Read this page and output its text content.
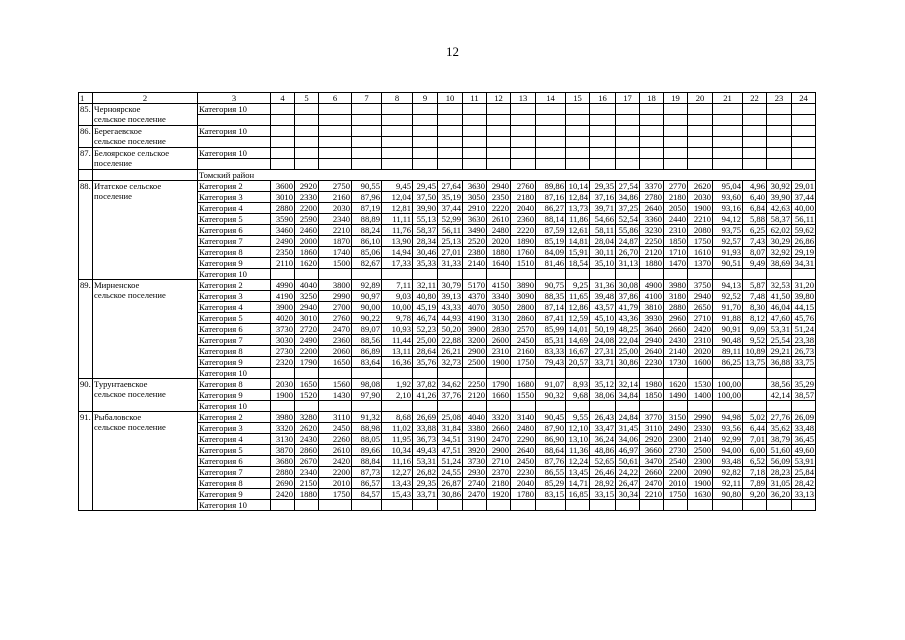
12
1	2	3	4	5	6	7	8	9	10	11	12	13	14	15	16	17	18	19	20	21	22	23	24
85.	Черноярское
сельское поселение	Категория 10																					

86.	Берегаевское
сельское поселение	Категория 10																					

87.	Белоярское сельское
поселение	Категория 10																					

		Томский район																					
88.	Итатское сельское
поселение	Категория 2	3600	2920	2750	90,55	9,45	29,45	27,64	3630	2940	2760	89,86	10,14	29,35	27,54	3370	2770	2620	95,04	4,96	30,92	29,01
		Категория 3	3010	2330	2160	87,96	12,04	37,50	35,19	3050	2350	2180	87,16	12,84	37,16	34,86	2780	2180	2030	93,60	6,40	39,90	37,44
		Категория 4	2880	2200	2030	87,19	12,81	39,90	37,44	2910	2220	2040	86,27	13,73	39,71	37,25	2640	2050	1900	93,16	6,84	42,63	40,00
		Категория 5	3590	2590	2340	88,89	11,11	55,13	52,99	3630	2610	2360	88,14	11,86	54,66	52,54	3360	2440	2210	94,12	5,88	58,37	56,11
		Категория 6	3460	2460	2210	88,24	11,76	58,37	56,11	3490	2480	2220	87,59	12,61	58,11	55,86	3230	2310	2080	93,75	6,25	62,02	59,62
		Категория 7	2490	2000	1870	86,10	13,90	28,34	25,13	2520	2020	1890	85,19	14,81	28,04	24,87	2250	1850	1750	92,57	7,43	30,29	26,86
		Категория 8	2350	1860	1740	85,06	14,94	30,46	27,01	2380	1880	1760	84,09	15,91	30,11	26,70	2120	1710	1610	91,93	8,07	32,92	29,19
		Категория 9	2110	1620	1500	82,67	17,33	35,33	31,33	2140	1640	1510	81,46	18,54	35,10	31,13	1880	1470	1370	90,51	9,49	38,69	34,31
		Категория 10																					
89.	Мирненское
сельское поселение	Категория 2	4990	4040	3800	92,89	7,11	32,11	30,79	5170	4150	3890	90,75	9,25	31,36	30,08	4900	3980	3750	94,13	5,87	32,53	31,20
		Категория 3	4190	3250	2990	90,97	9,03	40,80	39,13	4370	3340	3090	88,35	11,65	39,48	37,86	4100	3180	2940	92,52	7,48	41,50	39,80
		Категория 4	3900	2940	2700	90,00	10,00	45,19	43,33	4070	3050	2800	87,14	12,86	43,57	41,79	3810	2880	2650	91,70	8,30	46,04	44,15
		Категория 5	4020	3010	2760	90,22	9,78	46,74	44,93	4190	3130	2860	87,41	12,59	45,10	43,36	3930	2960	2710	91,88	8,12	47,60	45,76
		Категория 6	3730	2720	2470	89,07	10,93	52,23	50,20	3900	2830	2570	85,99	14,01	50,19	48,25	3640	2660	2420	90,91	9,09	53,31	51,24
		Категория 7	3030	2490	2360	88,56	11,44	25,00	22,88	3200	2600	2450	85,31	14,69	24,08	22,04	2940	2430	2310	90,48	9,52	25,54	23,38
		Категория 8	2730	2200	2060	86,89	13,11	28,64	26,21	2900	2310	2160	83,33	16,67	27,31	25,00	2640	2140	2020	89,11	10,89	29,21	26,73
		Категория 9	2320	1790	1650	83,64	16,36	35,76	32,73	2500	1900	1750	79,43	20,57	33,71	30,86	2230	1730	1600	86,25	13,75	36,88	33,75
		Категория 10																					
90.	Турунтаевское
сельское поселение	Категория 8	2030	1650	1560	98,08	1,92	37,82	34,62	2250	1790	1680	91,07	8,93	35,12	32,14	1980	1620	1530	100,00		38,56	35,29
		Категория 9	1900	1520	1430	97,90	2,10	41,26	37,76	2120	1660	1550	90,32	9,68	38,06	34,84	1850	1490	1400	100,00		42,14	38,57
		Категория 10																					
91.	Рыбаловское
сельское поселение	Категория 2	3980	3280	3110	91,32	8,68	26,69	25,08	4040	3320	3140	90,45	9,55	26,43	24,84	3770	3150	2990	94,98	5,02	27,76	26,09
		Категория 3	3320	2620	2450	88,98	11,02	33,88	31,84	3380	2660	2480	87,90	12,10	33,47	31,45	3110	2490	2330	93,56	6,44	35,62	33,48
		Категория 4	3130	2430	2260	88,05	11,95	36,73	34,51	3190	2470	2290	86,90	13,10	36,24	34,06	2920	2300	2140	92,99	7,01	38,79	36,45
		Категория 5	3870	2860	2610	89,66	10,34	49,43	47,51	3920	2900	2640	88,64	11,36	48,86	46,97	3660	2730	2500	94,00	6,00	51,60	49,60
		Категория 6	3680	2670	2420	88,84	11,16	53,31	51,24	3730	2710	2450	87,76	12,24	52,65	50,61	3470	2540	2300	93,48	6,52	56,09	53,91
		Категория 7	2880	2340	2200	87,73	12,27	26,82	24,55	2930	2370	2230	86,55	13,45	26,46	24,22	2660	2200	2090	92,82	7,18	28,23	25,84
		Категория 8	2690	2150	2010	86,57	13,43	29,35	26,87	2740	2180	2040	85,29	14,71	28,92	26,47	2470	2010	1900	92,11	7,89	31,05	28,42
		Категория 9	2420	1880	1750	84,57	15,43	33,71	30,86	2470	1920	1780	83,15	16,85	33,15	30,34	2210	1750	1630	90,80	9,20	36,20	33,13
		Категория 10																					
